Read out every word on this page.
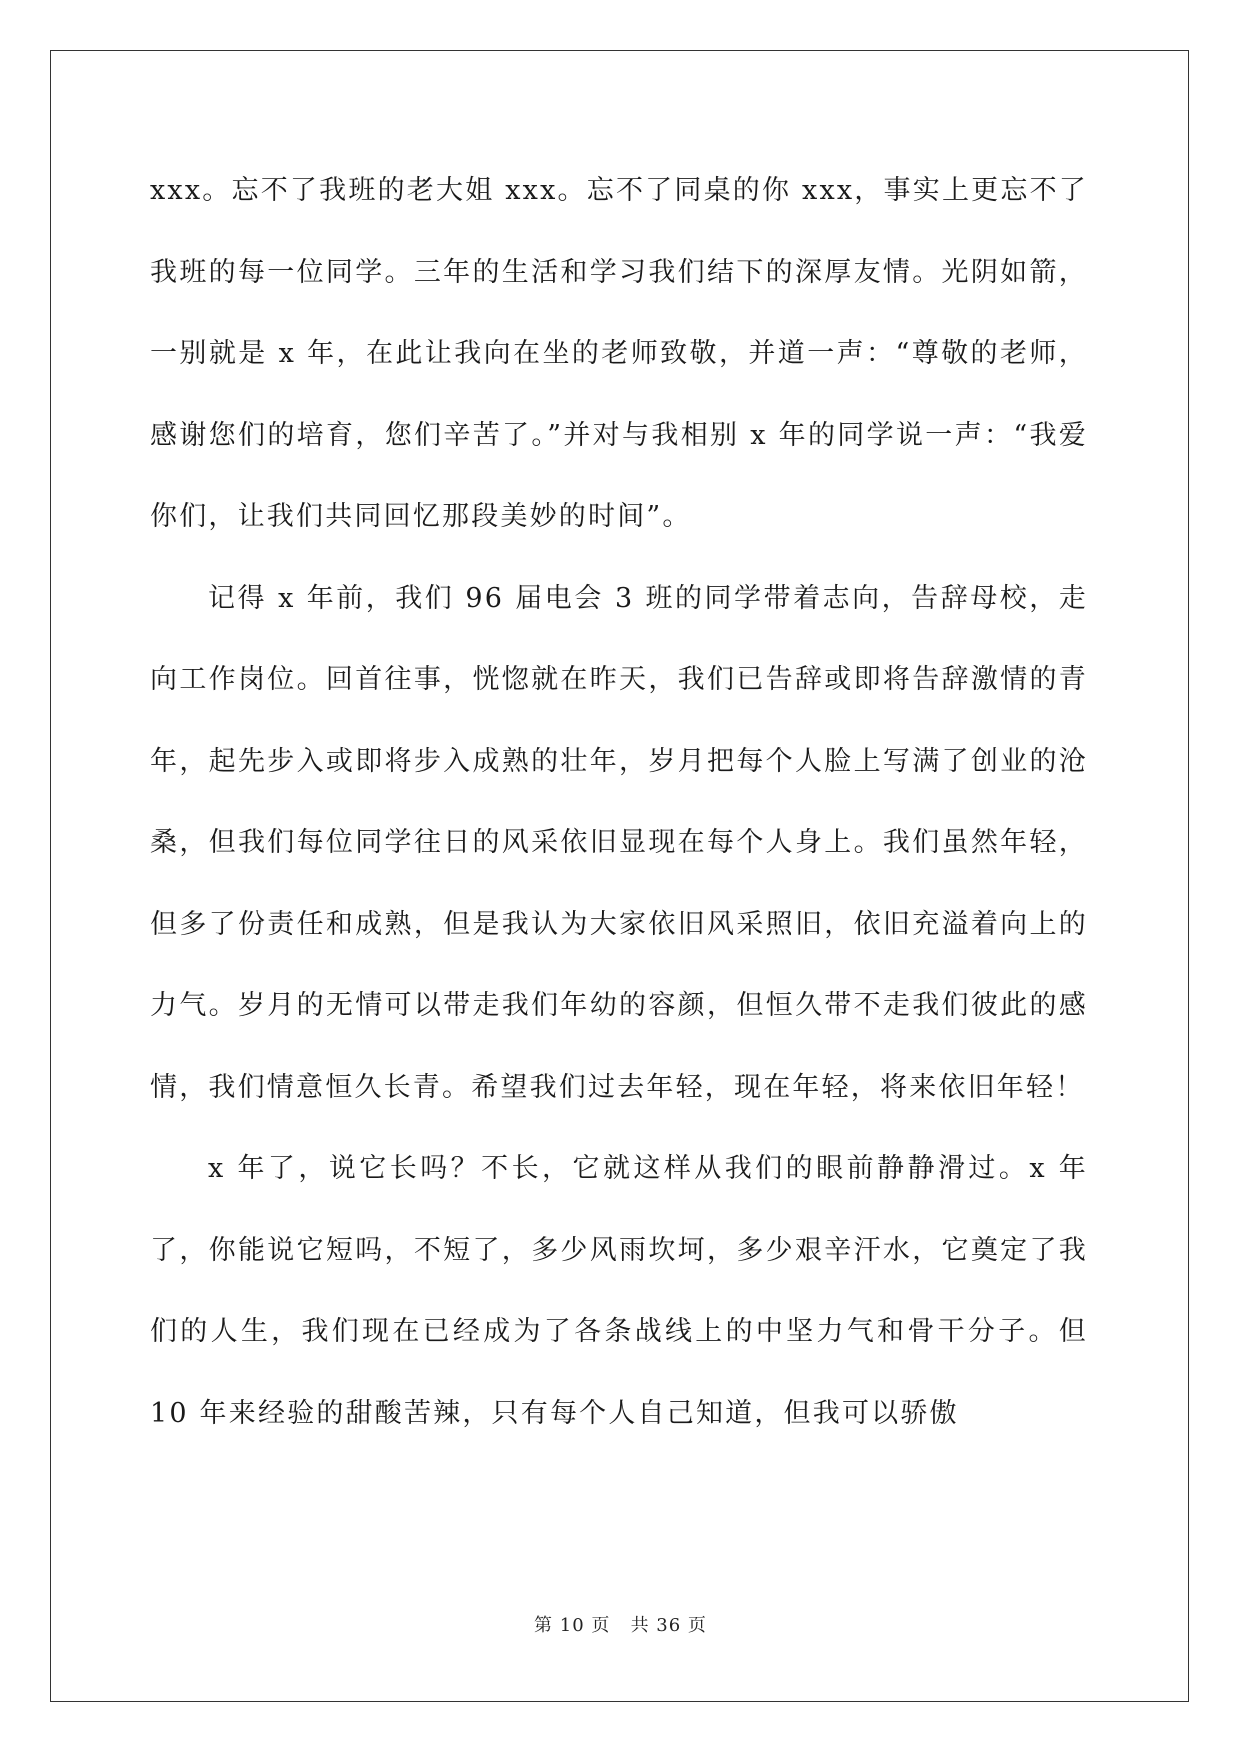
xxx。忘不了我班的老大姐 xxx。忘不了同桌的你 xxx，事实上更忘不了我班的每一位同学。三年的生活和学习我们结下的深厚友情。光阴如箭，一别就是 x 年，在此让我向在坐的老师致敬，并道一声：“尊敬的老师，感谢您们的培育，您们辛苦了。”并对与我相别 x 年的同学说一声：“我爱你们，让我们共同回忆那段美妙的时间”。

记得 x 年前，我们 96 届电会 3 班的同学带着志向，告辞母校，走向工作岗位。回首往事，恍惚就在昨天，我们已告辞或即将告辞激情的青年，起先步入或即将步入成熟的壮年，岁月把每个人脸上写满了创业的沧桑，但我们每位同学往日的风采依旧显现在每个人身上。我们虽然年轻，但多了份责任和成熟，但是我认为大家依旧风采照旧，依旧充溢着向上的力气。岁月的无情可以带走我们年幼的容颜，但恒久带不走我们彼此的感情，我们情意恒久长青。希望我们过去年轻，现在年轻，将来依旧年轻！

x 年了，说它长吗？不长，它就这样从我们的眼前静静滑过。x 年了，你能说它短吗，不短了，多少风雨坎坷，多少艰辛汗水，它奠定了我们的人生，我们现在已经成为了各条战线上的中坚力气和骨干分子。但 10 年来经验的甜酸苦辣，只有每个人自己知道，但我可以骄傲

第 10 页 共 36 页
